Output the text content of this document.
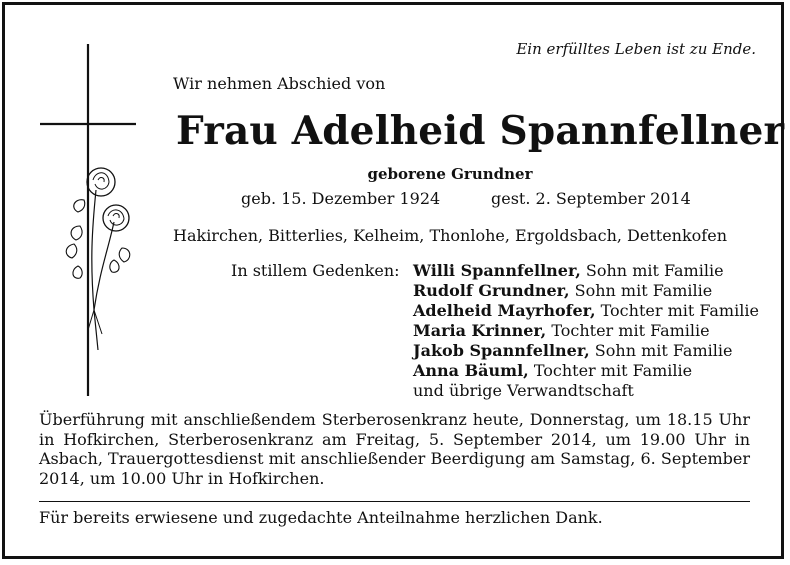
Ein erfülltes Leben ist zu Ende.
Wir nehmen Abschied von
Frau Adelheid Spannfellner
geborene Grundner
geb. 15. Dezember 1924	gest. 2. September 2014
Hakirchen, Bitterlies, Kelheim, Thonlohe, Ergoldsbach, Dettenkofen
In stillem Gedenken: Willi Spannfellner, Sohn mit Familie
Rudolf Grundner, Sohn mit Familie
Adelheid Mayrhofer, Tochter mit Familie
Maria Krinner, Tochter mit Familie
Jakob Spannfellner, Sohn mit Familie
Anna Bäuml, Tochter mit Familie
und übrige Verwandtschaft
Überführung mit anschließendem Sterberosenkranz heute, Donnerstag, um 18.15 Uhr in Hofkirchen, Sterberosenkranz am Freitag, 5. September 2014, um 19.00 Uhr in Asbach, Trauergottesdienst mit anschließender Beerdigung am Samstag, 6. September 2014, um 10.00 Uhr in Hofkirchen.
Für bereits erwiesene und zugedachte Anteilnahme herzlichen Dank.
